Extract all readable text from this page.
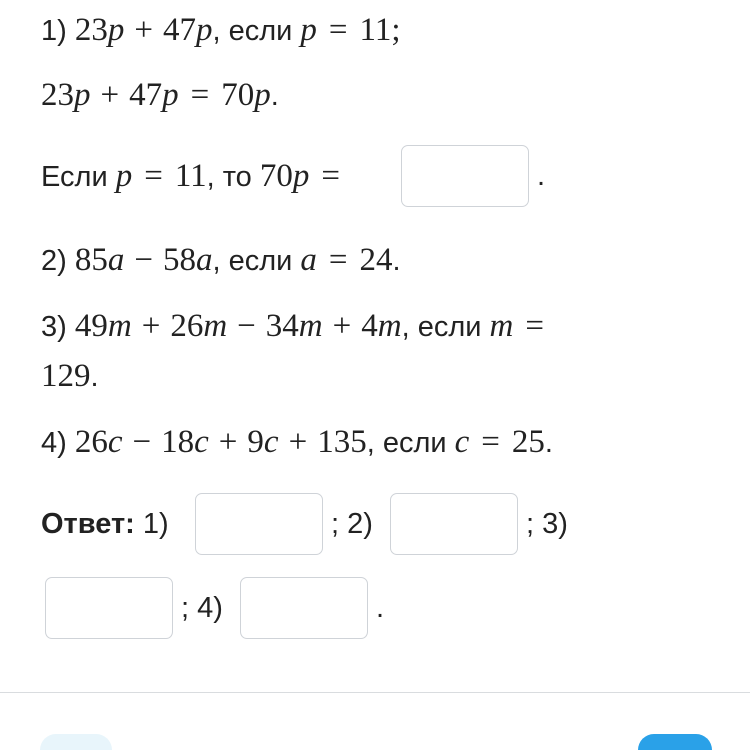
1) 23p + 47p, если p = 11;
23p + 47p = 70p.
Если p = 11, то 70p =	.
2) 85a − 58a, если a = 24.
3) 49m + 26m − 34m + 4m, если m =
129.
4) 26c − 18c + 9c + 135, если c = 25.
Ответ: 1)	; 2)	; 3)
; 4)	.
